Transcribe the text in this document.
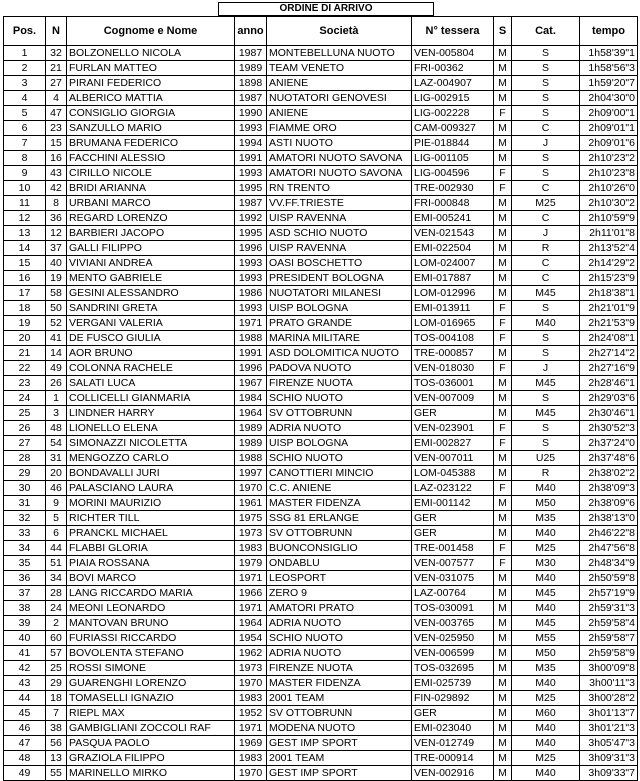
ORDINE DI ARRIVO
Pos.	N	Cognome e Nome	anno	Società	N° tessera	S	Cat.	tempo
1	32	BOLZONELLO NICOLA	1987	MONTEBELLUNA NUOTO	VEN-005804	M	S	1h58'39"1
2	21	FURLAN MATTEO	1989	TEAM VENETO	FRI-00362	M	S	1h58'56"3
3	27	PIRANI FEDERICO	1898	ANIENE	LAZ-004907	M	S	1h59'20"7
4	4	ALBERICO MATTIA	1987	NUOTATORI GENOVESI	LIG-002915	M	S	2h04'30"0
5	47	CONSIGLIO GIORGIA	1990	ANIENE	LIG-002228	F	S	2h09'00"1
6	23	SANZULLO MARIO	1993	FIAMME ORO	CAM-009327	M	C	2h09'01"1
7	15	BRUMANA FEDERICO	1994	ASTI NUOTO	PIE-018844	M	J	2h09'01"6
8	16	FACCHINI ALESSIO	1991	AMATORI NUOTO SAVONA	LIG-001105	M	S	2h10'23"2
9	43	CIRILLO NICOLE	1993	AMATORI NUOTO SAVONA	LIG-004596	F	S	2h10'23"8
10	42	BRIDI ARIANNA	1995	RN TRENTO	TRE-002930	F	C	2h10'26"0
11	8	URBANI MARCO	1987	VV.FF.TRIESTE	FRI-000848	M	M25	2h10'30"2
12	36	REGARD LORENZO	1992	UISP RAVENNA	EMI-005241	M	C	2h10'59"9
13	12	BARBIERI JACOPO	1995	ASD SCHIO NUOTO	VEN-021543	M	J	2h11'01"8
14	37	GALLI FILIPPO	1996	UISP RAVENNA	EMI-022504	M	R	2h13'52"4
15	40	VIVIANI ANDREA	1993	OASI BOSCHETTO	LOM-024007	M	C	2h14'29"2
16	19	MENTO GABRIELE	1993	PRESIDENT BOLOGNA	EMI-017887	M	C	2h15'23"9
17	58	GESINI ALESSANDRO	1986	NUOTATORI MILANESI	LOM-012996	M	M45	2h18'38"1
18	50	SANDRINI GRETA	1993	UISP BOLOGNA	EMI-013911	F	S	2h21'01"9
19	52	VERGANI VALERIA	1971	PRATO GRANDE	LOM-016965	F	M40	2h21'53"9
20	41	DE FUSCO GIULIA	1988	MARINA MILITARE	TOS-004108	F	S	2h24'08"1
21	14	AOR BRUNO	1991	ASD DOLOMITICA NUOTO	TRE-000857	M	S	2h27'14"2
22	49	COLONNA RACHELE	1996	PADOVA NUOTO	VEN-018030	F	J	2h27'16"9
23	26	SALATI LUCA	1967	FIRENZE NUOTA	TOS-036001	M	M45	2h28'46"1
24	1	COLLICELLI GIANMARIA	1984	SCHIO NUOTO	VEN-007009	M	S	2h29'03"6
25	3	LINDNER HARRY	1964	SV OTTOBRUNN	GER	M	M45	2h30'46"1
26	48	LIONELLO ELENA	1989	ADRIA NUOTO	VEN-023901	F	S	2h30'52"3
27	54	SIMONAZZI NICOLETTA	1989	UISP BOLOGNA	EMI-002827	F	S	2h37'24"0
28	31	MENGOZZO CARLO	1988	SCHIO NUOTO	VEN-007011	M	U25	2h37'48"6
29	20	BONDAVALLI JURI	1997	CANOTTIERI MINCIO	LOM-045388	M	R	2h38'02"2
30	46	PALASCIANO LAURA	1970	C.C. ANIENE	LAZ-023122	F	M40	2h38'09"3
31	9	MORINI MAURIZIO	1961	MASTER FIDENZA	EMI-001142	M	M50	2h38'09"6
32	5	RICHTER TILL	1975	SSG 81 ERLANGE	GER	M	M35	2h38'13"0
33	6	PRANCKL MICHAEL	1973	SV OTTOBRUNN	GER	M	M40	2h46'22"8
34	44	FLABBI GLORIA	1983	BUONCONSIGLIO	TRE-001458	F	M25	2h47'56"8
35	51	PIAIA ROSSANA	1979	ONDABLU	VEN-007577	F	M30	2h48'34"9
36	34	BOVI MARCO	1971	LEOSPORT	VEN-031075	M	M40	2h50'59"8
37	28	LANG RICCARDO MARIA	1966	ZERO 9	LAZ-00764	M	M45	2h57'19"9
38	24	MEONI LEONARDO	1971	AMATORI PRATO	TOS-030091	M	M40	2h59'31"3
39	2	MANTOVAN BRUNO	1964	ADRIA NUOTO	VEN-003765	M	M45	2h59'58"4
40	60	FURIASSI RICCARDO	1954	SCHIO NUOTO	VEN-025950	M	M55	2h59'58"7
41	57	BOVOLENTA STEFANO	1962	ADRIA NUOTO	VEN-006599	M	M50	2h59'58"9
42	25	ROSSI SIMONE	1973	FIRENZE NUOTA	TOS-032695	M	M35	3h00'09"8
43	29	GUARENGHI LORENZO	1970	MASTER FIDENZA	EMI-025739	M	M40	3h00'11"3
44	18	TOMASELLI IGNAZIO	1983	2001 TEAM	FIN-029892	M	M25	3h00'28"2
45	7	RIEPL MAX	1952	SV OTTOBRUNN	GER	M	M60	3h01'13"7
46	38	GAMBIGLIANI ZOCCOLI RAF	1971	MODENA NUOTO	EMI-023040	M	M40	3h01'21"3
47	56	PASQUA PAOLO	1969	GEST IMP SPORT	VEN-012749	M	M40	3h05'47"3
48	13	GRAZIOLA FILIPPO	1983	2001 TEAM	TRE-000914	M	M25	3h09'31"3
49	55	MARINELLO MIRKO	1970	GEST IMP SPORT	VEN-002916	M	M40	3h09'33"7
